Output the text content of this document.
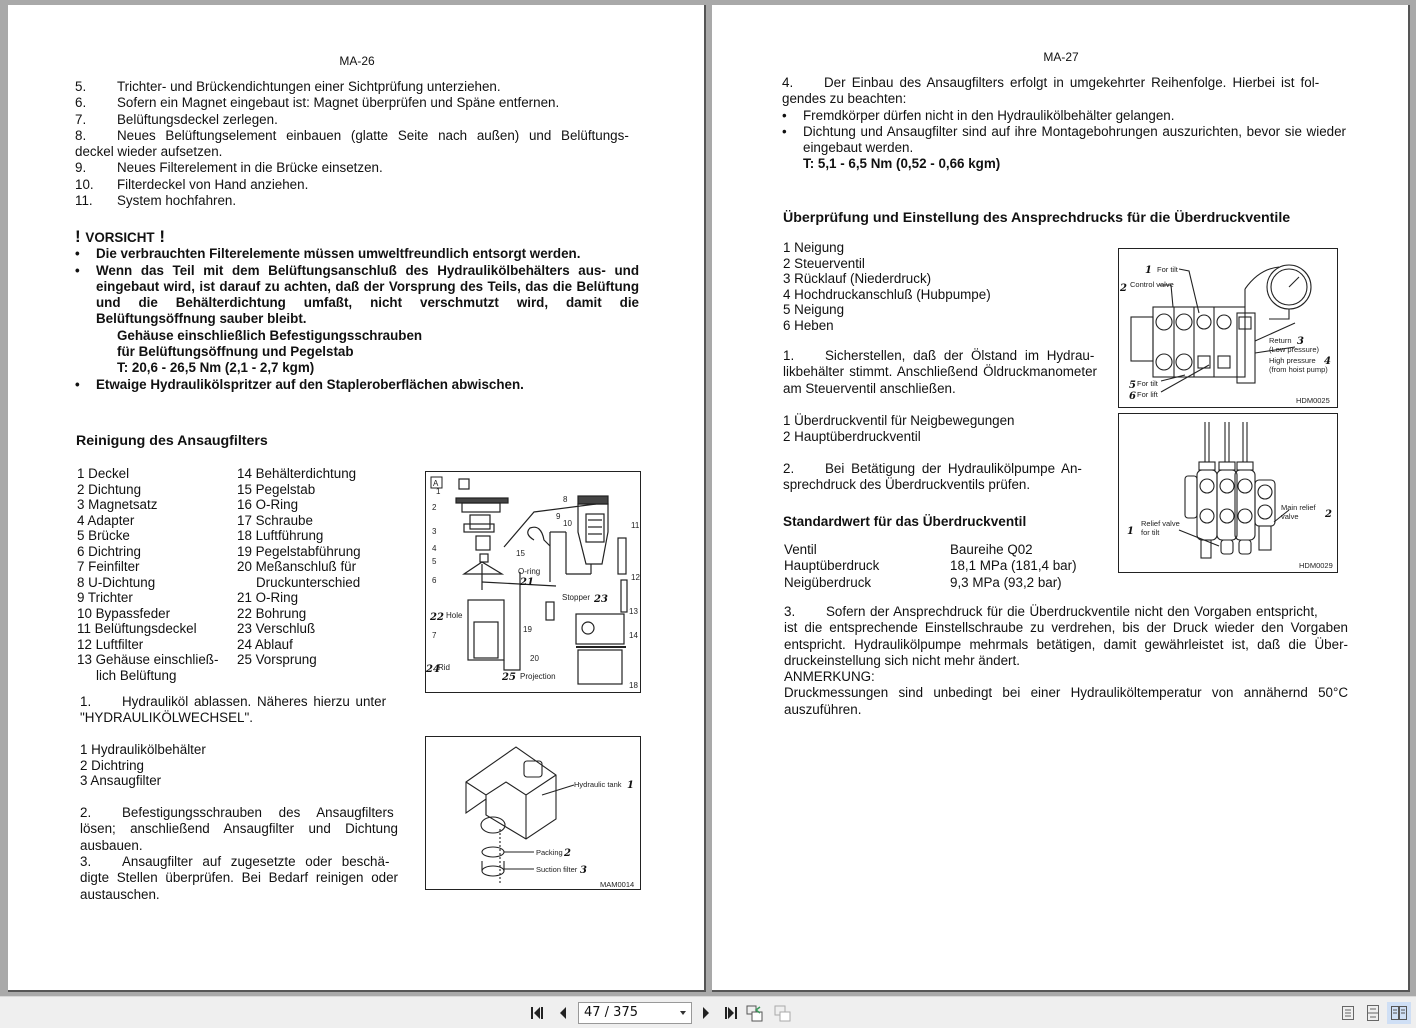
MA-26
5.	Trichter- und Brückendichtungen einer Sichtprüfung unterziehen.
6.	Sofern ein Magnet eingebaut ist: Magnet überprüfen und Späne entfernen.
7.	Belüftungsdeckel zerlegen.
8.	Neues Belüftungselement einbauen (glatte Seite nach außen) und Belüftungs-
deckel wieder aufsetzen.
9.	Neues Filterelement in die Brücke einsetzen.
10.	Filterdeckel von Hand anziehen.
11.	System hochfahren.
! VORSICHT !
•	Die verbrauchten Filterelemente müssen umweltfreundlich entsorgt werden.
•	Wenn das Teil mit dem Belüftungsanschluß des Hydraulikölbehälters aus- und eingebaut wird, ist darauf zu achten, daß der Vorsprung des Teils, das die Belüftung und die Behälterdichtung umfaßt, nicht verschmutzt wird, damit die Belüftungsöffnung sauber bleibt.
Gehäuse einschließlich Befestigungsschrauben
für Belüftungsöffnung und Pegelstab
T: 20,6 - 26,5 Nm (2,1 - 2,7 kgm)
•	Etwaige Hydraulikölspritzer auf den Stapleroberflächen abwischen.
Reinigung des Ansaugfilters
1 Deckel
2 Dichtung
3 Magnetsatz
4 Adapter
5 Brücke
6 Dichtring
7 Feinfilter
8 U-Dichtung
9 Trichter
10 Bypassfeder
11 Belüftungsdeckel
12 Luftfilter
13 Gehäuse einschließ-
lich Belüftung
14 Behälterdichtung
15 Pegelstab
16 O-Ring
17 Schraube
18 Luftführung
19 Pegelstabführung
20 Meßanschluß für
Druckunterschied
21 O-Ring
22 Bohrung
23 Verschluß
24 Ablauf
25 Vorsprung
A
1
2
3
4
5
6
7
8
9
10	11
12
13
14
15
18
19
20
Hole
O-ring
Stopper
Rid
Projection
22
21
23
24
25
1.	Hydrauliköl ablassen. Näheres hierzu unter
"HYDRAULIKÖLWECHSEL".
1 Hydraulikölbehälter
2 Dichtring
3 Ansaugfilter
2.	Befestigungsschrauben des Ansaugfilters
lösen; anschließend Ansaugfilter und Dichtung ausbauen.
3.	Ansaugfilter auf zugesetzte oder beschä-
digte Stellen überprüfen. Bei Bedarf reinigen oder austauschen.
Hydraulic tank
Packing
Suction filter
MAM0014
1
2
3
MA-27
4.	Der Einbau des Ansaugfilters erfolgt in umgekehrter Reihenfolge. Hierbei ist fol-
gendes zu beachten:
•	Fremdkörper dürfen nicht in den Hydraulikölbehälter gelangen.
•	Dichtung und Ansaugfilter sind auf ihre Montagebohrungen auszurichten, bevor sie wieder eingebaut werden.
T: 5,1 - 6,5 Nm (0,52 - 0,66 kgm)
Überprüfung und Einstellung des Ansprechdrucks für die Überdruckventile
1 Neigung
2 Steuerventil
3 Rücklauf (Niederdruck)
4 Hochdruckanschluß (Hubpumpe)
5 Neigung
6 Heben
1.	Sicherstellen, daß der Ölstand im Hydrau-
likbehälter stimmt. Anschließend Öldruckmanometer am Steuerventil anschließen.
1 Überdruckventil für Neigbewegungen
2 Hauptüberdruckventil
2.	Bei Betätigung der Hydraulikölpumpe An-
sprechdruck des Überdruckventils prüfen.
Standardwert für das Überdruckventil
Ventil	Baureihe Q02
Hauptüberdruck	18,1 MPa (181,4 bar)
Neigüberdruck	9,3 MPa (93,2 bar)
3.	Sofern der Ansprechdruck für die Überdruckventile nicht den Vorgaben entspricht,
ist die entsprechende Einstellschraube zu verdrehen, bis der Druck wieder den Vorgaben entspricht. Hydraulikölpumpe mehrmals betätigen, damit gewährleistet ist, daß die Über-druckeinstellung sich nicht mehr ändert.
ANMERKUNG:
Druckmessungen sind unbedingt bei einer Hydrauliköltemperatur von annähernd 50°C auszuführen.
For tilt
Control valve
Return
(Low pressure)
High pressure
(from hoist pump)
For tilt
For lift
HDM0025
1
2
3
4
5
6
Relief valve
for tilt
Main relief
valve
HDM0029
1
2
47 / 375
